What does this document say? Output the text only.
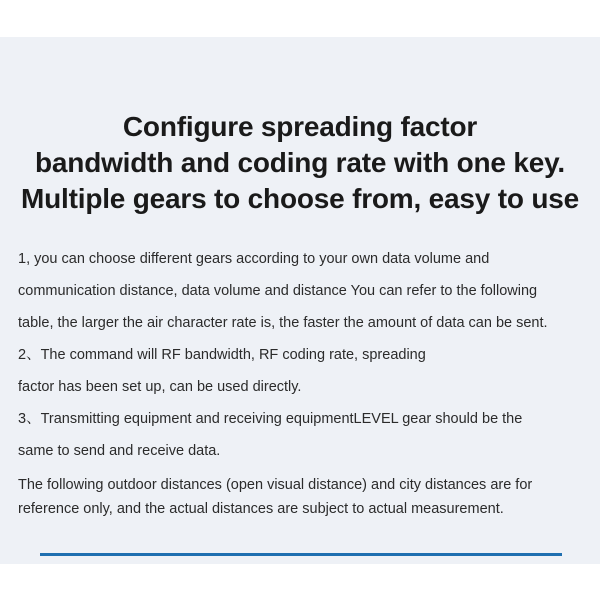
Configure spreading factor
bandwidth and coding rate with one key.
Multiple gears to choose from, easy to use

1, you can choose different gears according to your own data volume and
communication distance, data volume and distance You can refer to the following
table, the larger the air character rate is, the faster the amount of data can be sent.

2、The command will RF bandwidth, RF coding rate, spreading
factor has been set up, can be used directly.

3、Transmitting equipment and receiving equipmentLEVEL gear should be the
same to send and receive data.

The following outdoor distances (open visual distance) and city distances are for
reference only, and the actual distances are subject to actual measurement.
